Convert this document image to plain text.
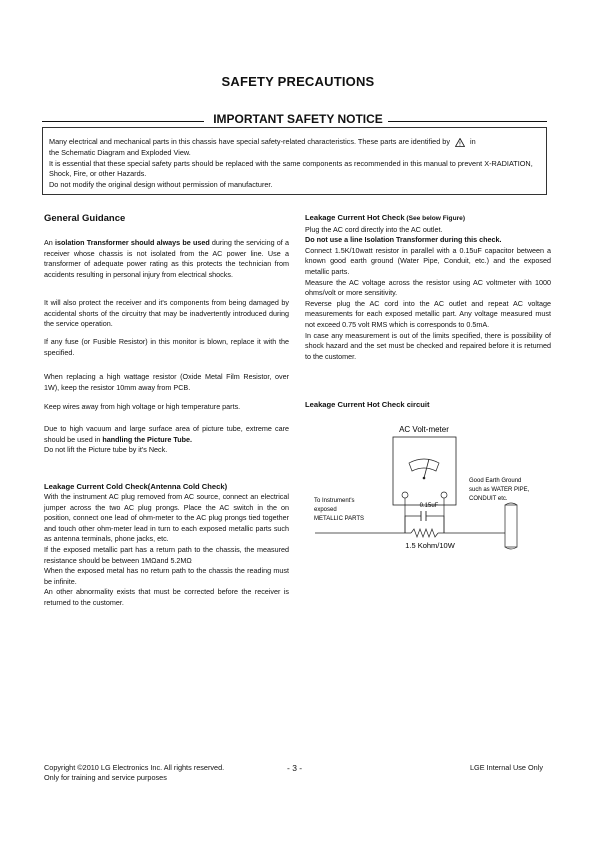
SAFETY PRECAUTIONS
IMPORTANT SAFETY NOTICE

Many electrical and mechanical parts in this chassis have special safety-related characteristics. These parts are identified by ! in

the Schematic Diagram and Exploded View.

It is essential that these special safety parts should be replaced with the same components as recommended in this manual to prevent X-RADIATION, Shock, Fire, or other Hazards.

Do not modify the original design without permission of manufacturer.

General Guidance

An isolation Transformer should always be used during the servicing of a receiver whose chassis is not isolated from the AC power line. Use a transformer of adequate power rating as this protects the technician from accidents resulting in personal injury from electrical shocks.

It will also protect the receiver and it's components from being damaged by accidental shorts of the circuitry that may be inadvertently introduced during the service operation.

If any fuse (or Fusible Resistor) in this monitor is blown, replace it with the specified.

When replacing a high wattage resistor (Oxide Metal Film Resistor, over 1W), keep the resistor 10mm away from PCB.

Keep wires away from high voltage or high temperature parts.

Due to high vacuum and large surface area of picture tube, extreme care should be used in handling the Picture Tube.

Do not lift the Picture tube by it's Neck.

Leakage Current Cold Check(Antenna Cold Check)

With the instrument AC plug removed from AC source, connect an electrical jumper across the two AC plug prongs. Place the AC switch in the on position, connect one lead of ohm-meter to the AC plug prongs tied together and touch other ohm-meter lead in turn to each exposed metallic parts such as antenna terminals, phone jacks, etc.

If the exposed metallic part has a return path to the chassis, the measured resistance should be between 1MΩand 5.2MΩ

When the exposed metal has no return path to the chassis the reading must be infinite.

An other abnormality exists that must be corrected before the receiver is returned to the customer.

Leakage Current Hot Check (See below Figure)

Plug the AC cord directly into the AC outlet.

Do not use a line Isolation Transformer during this check.

Connect 1.5K/10watt resistor in parallel with a 0.15uF capacitor between a known good earth ground (Water Pipe, Conduit, etc.) and the exposed metallic parts.

Measure the AC voltage across the resistor using AC voltmeter with 1000 ohms/volt or more sensitivity.

Reverse plug the AC cord into the AC outlet and repeat AC voltage measurements for each exposed metallic part. Any voltage measured must not exceed 0.75 volt RMS which is corresponds to 0.5mA.

In case any measurement is out of the limits specified, there is possibility of shock hazard and the set must be checked and repaired before it is returned to the customer.

Leakage Current Hot Check circuit
AC Volt-meter
0.15uF
1.5 Kohm/10W
To Instrument's
exposed
METALLIC PARTS
Good Earth Ground
such as WATER PIPE,
CONDUIT etc.

Copyright ©2010 LG Electronics Inc. All rights reserved.

Only for training and service purposes

- 3 -	LGE Internal Use Only
